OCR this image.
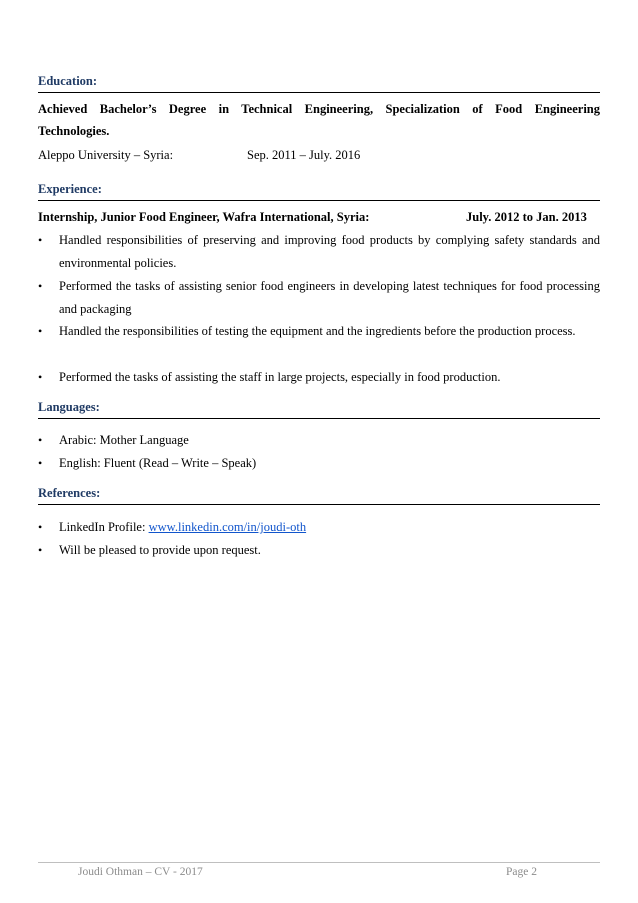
Education:
Achieved Bachelor’s Degree in Technical Engineering, Specialization of Food Engineering
Technologies.
Aleppo University – Syria:	Sep. 2011 – July. 2016
Experience:
Internship, Junior Food Engineer, Wafra International, Syria:	July. 2012 to Jan. 2013
• Handled responsibilities of preserving and improving food products by complying safety standards and environmental policies.
• Performed the tasks of assisting senior food engineers in developing latest techniques for food processing and packaging
• Handled the responsibilities of testing the equipment and the ingredients before the production process.
• Performed the tasks of assisting the staff in large projects, especially in food production.
Languages:
• Arabic: Mother Language
• English: Fluent (Read – Write – Speak)
References:
• LinkedIn Profile: www.linkedin.com/in/joudi-oth
• Will be pleased to provide upon request.
Joudi Othman – CV - 2017	Page 2
